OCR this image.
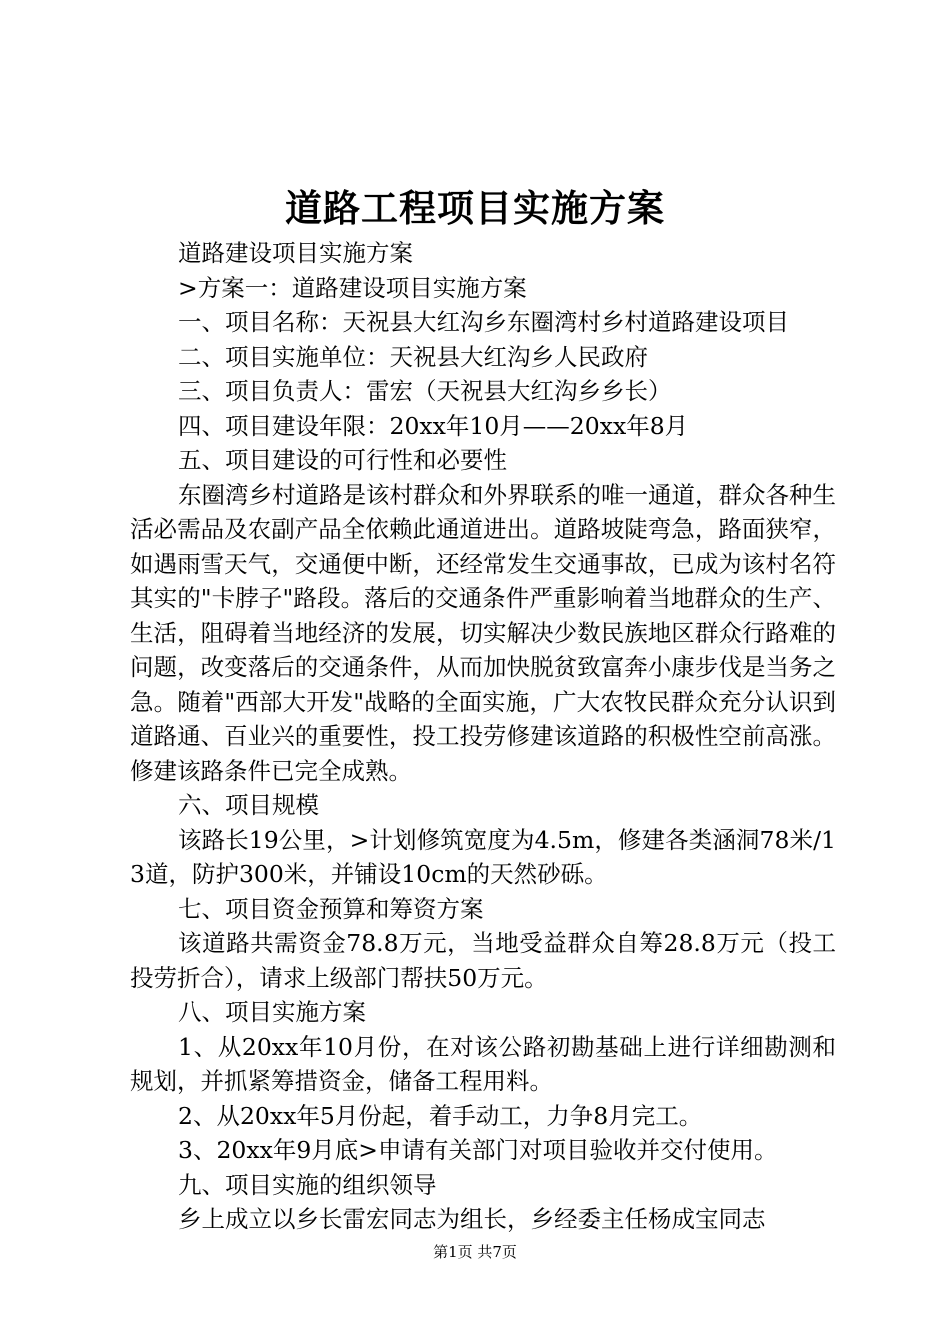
道路工程项目实施方案

道路建设项目实施方案

>方案一：道路建设项目实施方案

一、项目名称：天祝县大红沟乡东圈湾村乡村道路建设项目

二、项目实施单位：天祝县大红沟乡人民政府

三、项目负责人：雷宏（天祝县大红沟乡乡长）

四、项目建设年限：20xx年10月——20xx年8月

五、项目建设的可行性和必要性

东圈湾乡村道路是该村群众和外界联系的唯一通道，群众各种生活必需品及农副产品全依赖此通道进出。道路坡陡弯急，路面狭窄，如遇雨雪天气，交通便中断，还经常发生交通事故，已成为该村名符其实的"卡脖子"路段。落后的交通条件严重影响着当地群众的生产、生活，阻碍着当地经济的发展，切实解决少数民族地区群众行路难的问题，改变落后的交通条件，从而加快脱贫致富奔小康步伐是当务之急。随着"西部大开发"战略的全面实施，广大农牧民群众充分认识到道路通、百业兴的重要性，投工投劳修建该道路的积极性空前高涨。修建该路条件已完全成熟。

六、项目规模

该路长19公里，>计划修筑宽度为4.5m，修建各类涵洞78米/13道，防护300米，并铺设10cm的天然砂砾。

七、项目资金预算和筹资方案

该道路共需资金78.8万元，当地受益群众自筹28.8万元（投工投劳折合），请求上级部门帮扶50万元。

八、项目实施方案

1、从20xx年10月份，在对该公路初勘基础上进行详细勘测和规划，并抓紧筹措资金，储备工程用料。

2、从20xx年5月份起，着手动工，力争8月完工。

3、20xx年9月底>申请有关部门对项目验收并交付使用。

九、项目实施的组织领导

乡上成立以乡长雷宏同志为组长，乡经委主任杨成宝同志

第1页 共7页
